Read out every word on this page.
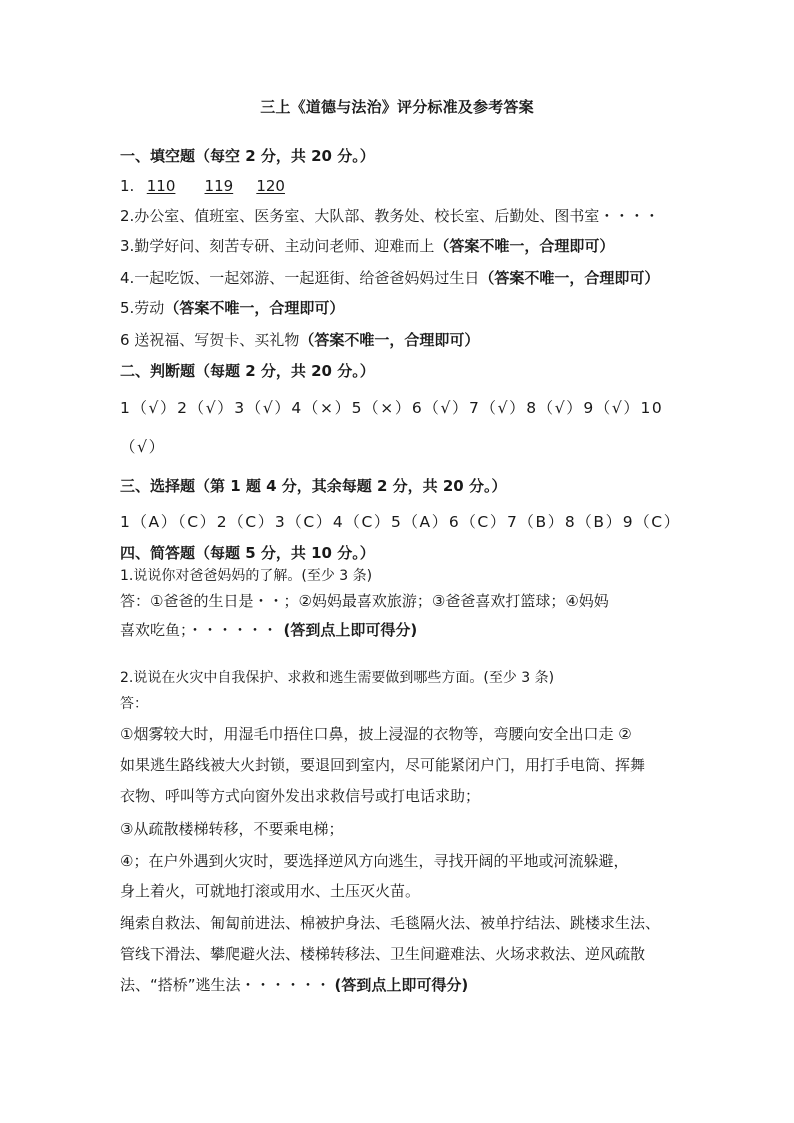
三上《道德与法治》评分标准及参考答案
一、填空题（每空 2 分，共 20 分。）
1. 110 119 120
2.办公室、值班室、医务室、大队部、教务处、校长室、后勤处、图书室・・・・
3.勤学好问、刻苦专研、主动问老师、迎难而上（答案不唯一，合理即可）
4.一起吃饭、一起郊游、一起逛街、给爸爸妈妈过生日（答案不唯一，合理即可）
5.劳动（答案不唯一，合理即可）
6 送祝福、写贺卡、买礼物（答案不唯一，合理即可）
二、判断题（每题 2 分，共 20 分。）
1（√）2（√）3（√）4（×）5（×）6（√）7（√）8（√）9（√）10
（√）
三、选择题（第 1 题 4 分，其余每题 2 分，共 20 分。）
1（A）（C）2（C）3（C）4（C）5（A）6（C）7（B）8（B）9（C）
四、简答题（每题 5 分，共 10 分。）
1.说说你对爸爸妈妈的了解。(至少 3 条)
答：①爸爸的生日是・・；②妈妈最喜欢旅游；③爸爸喜欢打篮球；④妈妈
喜欢吃鱼；・・・・・・ (答到点上即可得分)
2.说说在火灾中自我保护、求救和逃生需要做到哪些方面。(至少 3 条)
答：
①烟雾较大时，用湿毛巾捂住口鼻，披上浸湿的衣物等，弯腰向安全出口走 ②
如果逃生路线被大火封锁，要退回到室内，尽可能紧闭户门，用打手电筒、挥舞
衣物、呼叫等方式向窗外发出求救信号或打电话求助；
③从疏散楼梯转移，不要乘电梯；
④；在户外遇到火灾时，要选择逆风方向逃生，寻找开阔的平地或河流躲避，
身上着火，可就地打滚或用水、土压灭火苗。
绳索自救法、匍匐前进法、棉被护身法、毛毯隔火法、被单拧结法、跳楼求生法、
管线下滑法、攀爬避火法、楼梯转移法、卫生间避难法、火场求救法、逆风疏散
法、“搭桥”逃生法・・・・・・ (答到点上即可得分)
